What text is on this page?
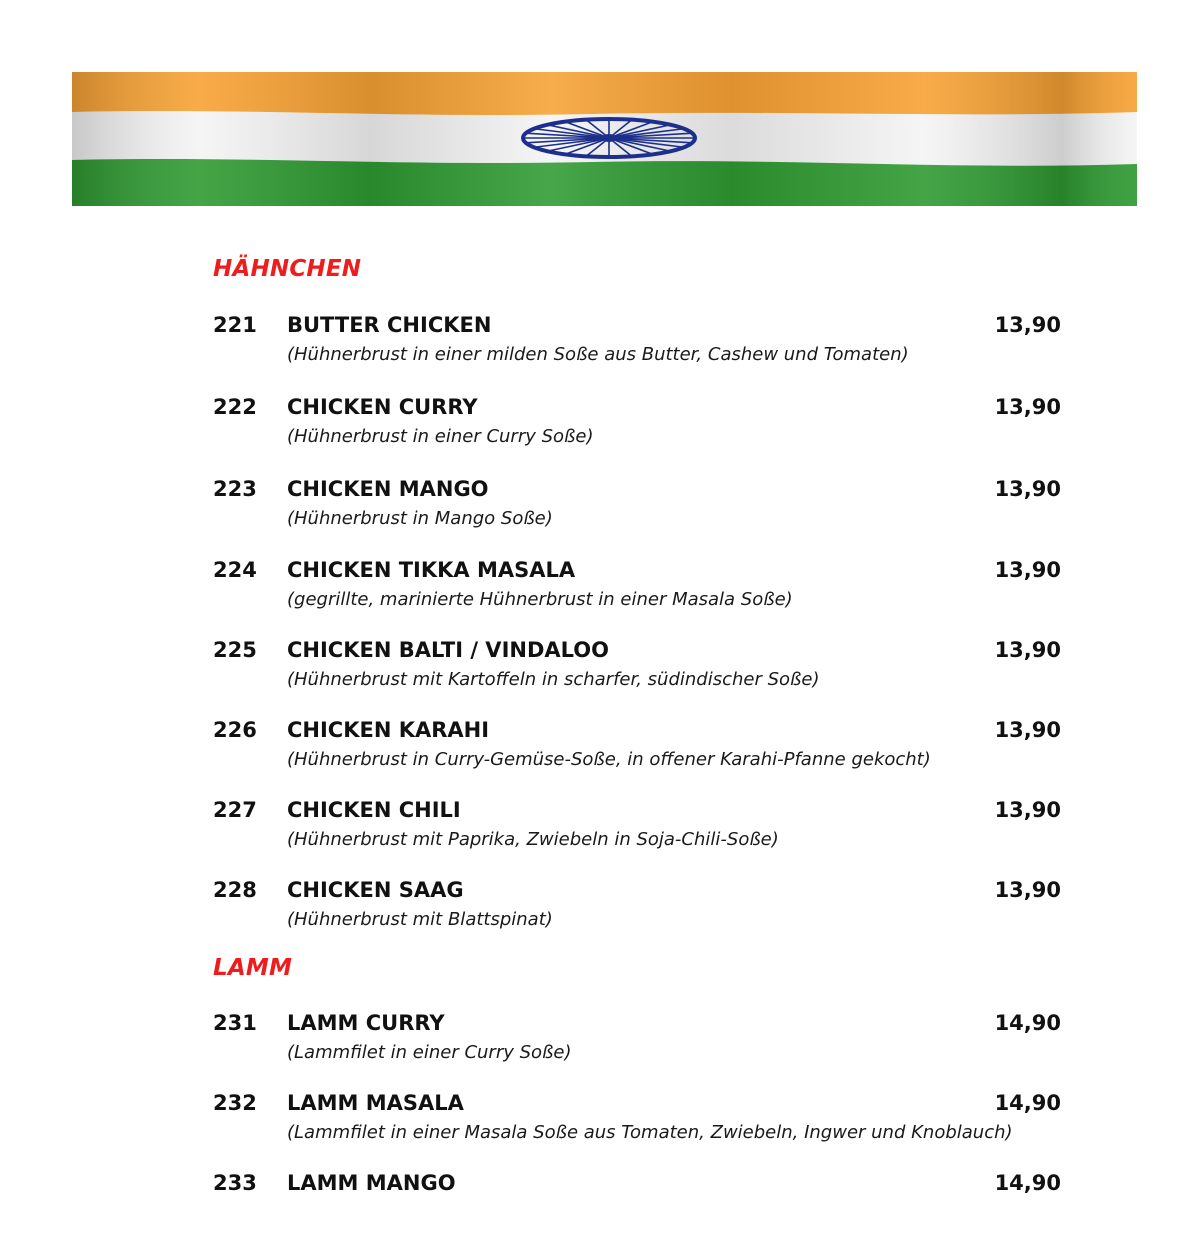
HÄHNCHEN
221 BUTTER CHICKEN	13,90
(Hühnerbrust in einer milden Soße aus Butter, Cashew und Tomaten)
222 CHICKEN CURRY	13,90
(Hühnerbrust in einer Curry Soße)
223 CHICKEN MANGO	13,90
(Hühnerbrust in Mango Soße)
224 CHICKEN TIKKA MASALA	13,90
(gegrillte, marinierte Hühnerbrust in einer Masala Soße)
225 CHICKEN BALTI / VINDALOO	13,90
(Hühnerbrust mit Kartoffeln in scharfer, südindischer Soße)
226 CHICKEN KARAHI	13,90
(Hühnerbrust in Curry-Gemüse-Soße, in offener Karahi-Pfanne gekocht)
227 CHICKEN CHILI	13,90
(Hühnerbrust mit Paprika, Zwiebeln in Soja-Chili-Soße)
228 CHICKEN SAAG	13,90
(Hühnerbrust mit Blattspinat)
LAMM
231 LAMM CURRY	14,90
(Lammfilet in einer Curry Soße)
232 LAMM MASALA	14,90
(Lammfilet in einer Masala Soße aus Tomaten, Zwiebeln, Ingwer und Knoblauch)
233 LAMM MANGO	14,90
